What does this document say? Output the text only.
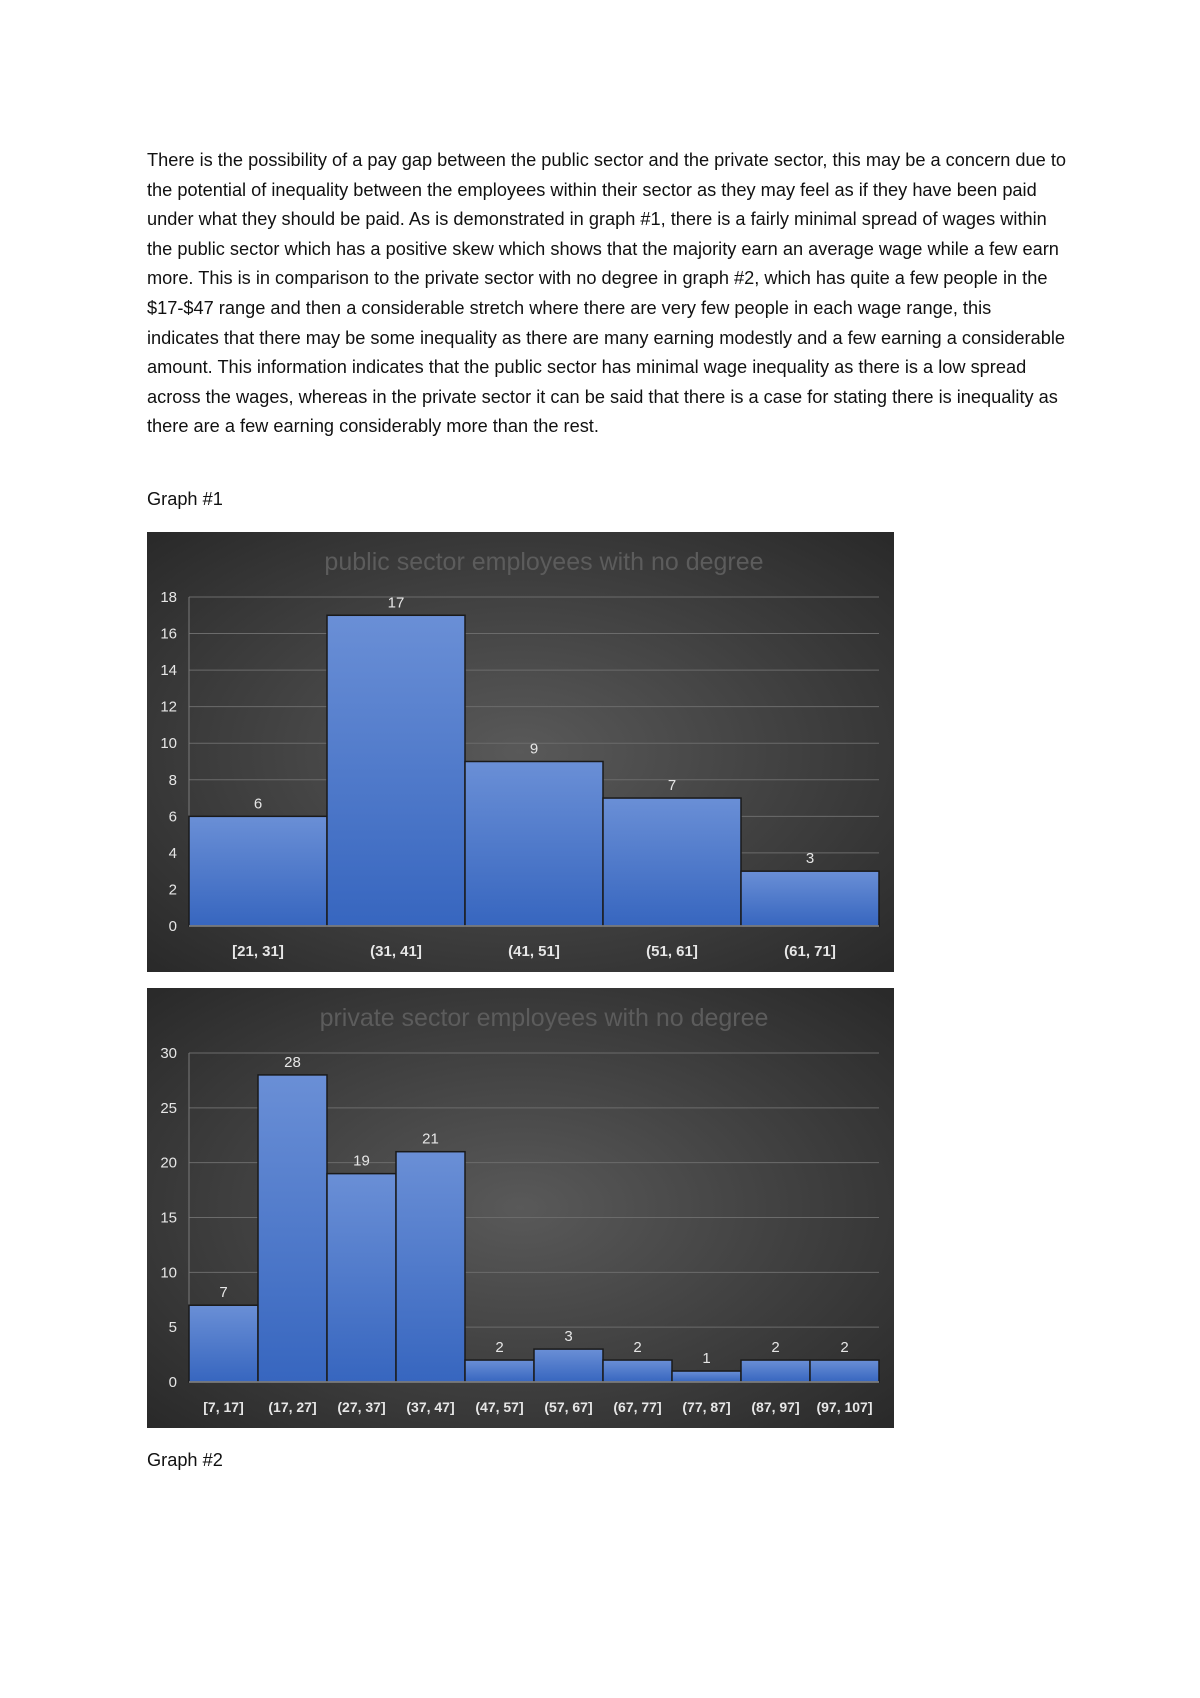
There is the possibility of a pay gap between the public sector and the private sector, this may be a concern due to the potential of inequality between the employees within their sector as they may feel as if they have been paid under what they should be paid. As is demonstrated in graph #1, there is a fairly minimal spread of wages within the public sector which has a positive skew which shows that the majority earn an average wage while a few earn more. This is in comparison to the private sector with no degree in graph #2, which has quite a few people in the $17-$47 range and then a considerable stretch where there are very few people in each wage range, this indicates that there may be some inequality as there are many earning modestly and a few earning a considerable amount. This information indicates that the public sector has minimal wage inequality as there is a low spread across the wages, whereas in the private sector it can be said that there is a case for stating there is inequality as there are a few earning considerably more than the rest.

Graph #1

public sector employees with no degree
0
2
4
6
8
10
12
14
16
18
6
[21, 31]
17
(31, 41]
9
(41, 51]
7
(51, 61]
3
(61, 71]
private sector employees with no degree
0
5
10
15
20
25
30
7
[7, 17]
28
(17, 27]
19
(27, 37]
21
(37, 47]
2
(47, 57]
3
(57, 67]
2
(67, 77]
1
(77, 87]
2
(87, 97]
2
(97, 107]

Graph #2
